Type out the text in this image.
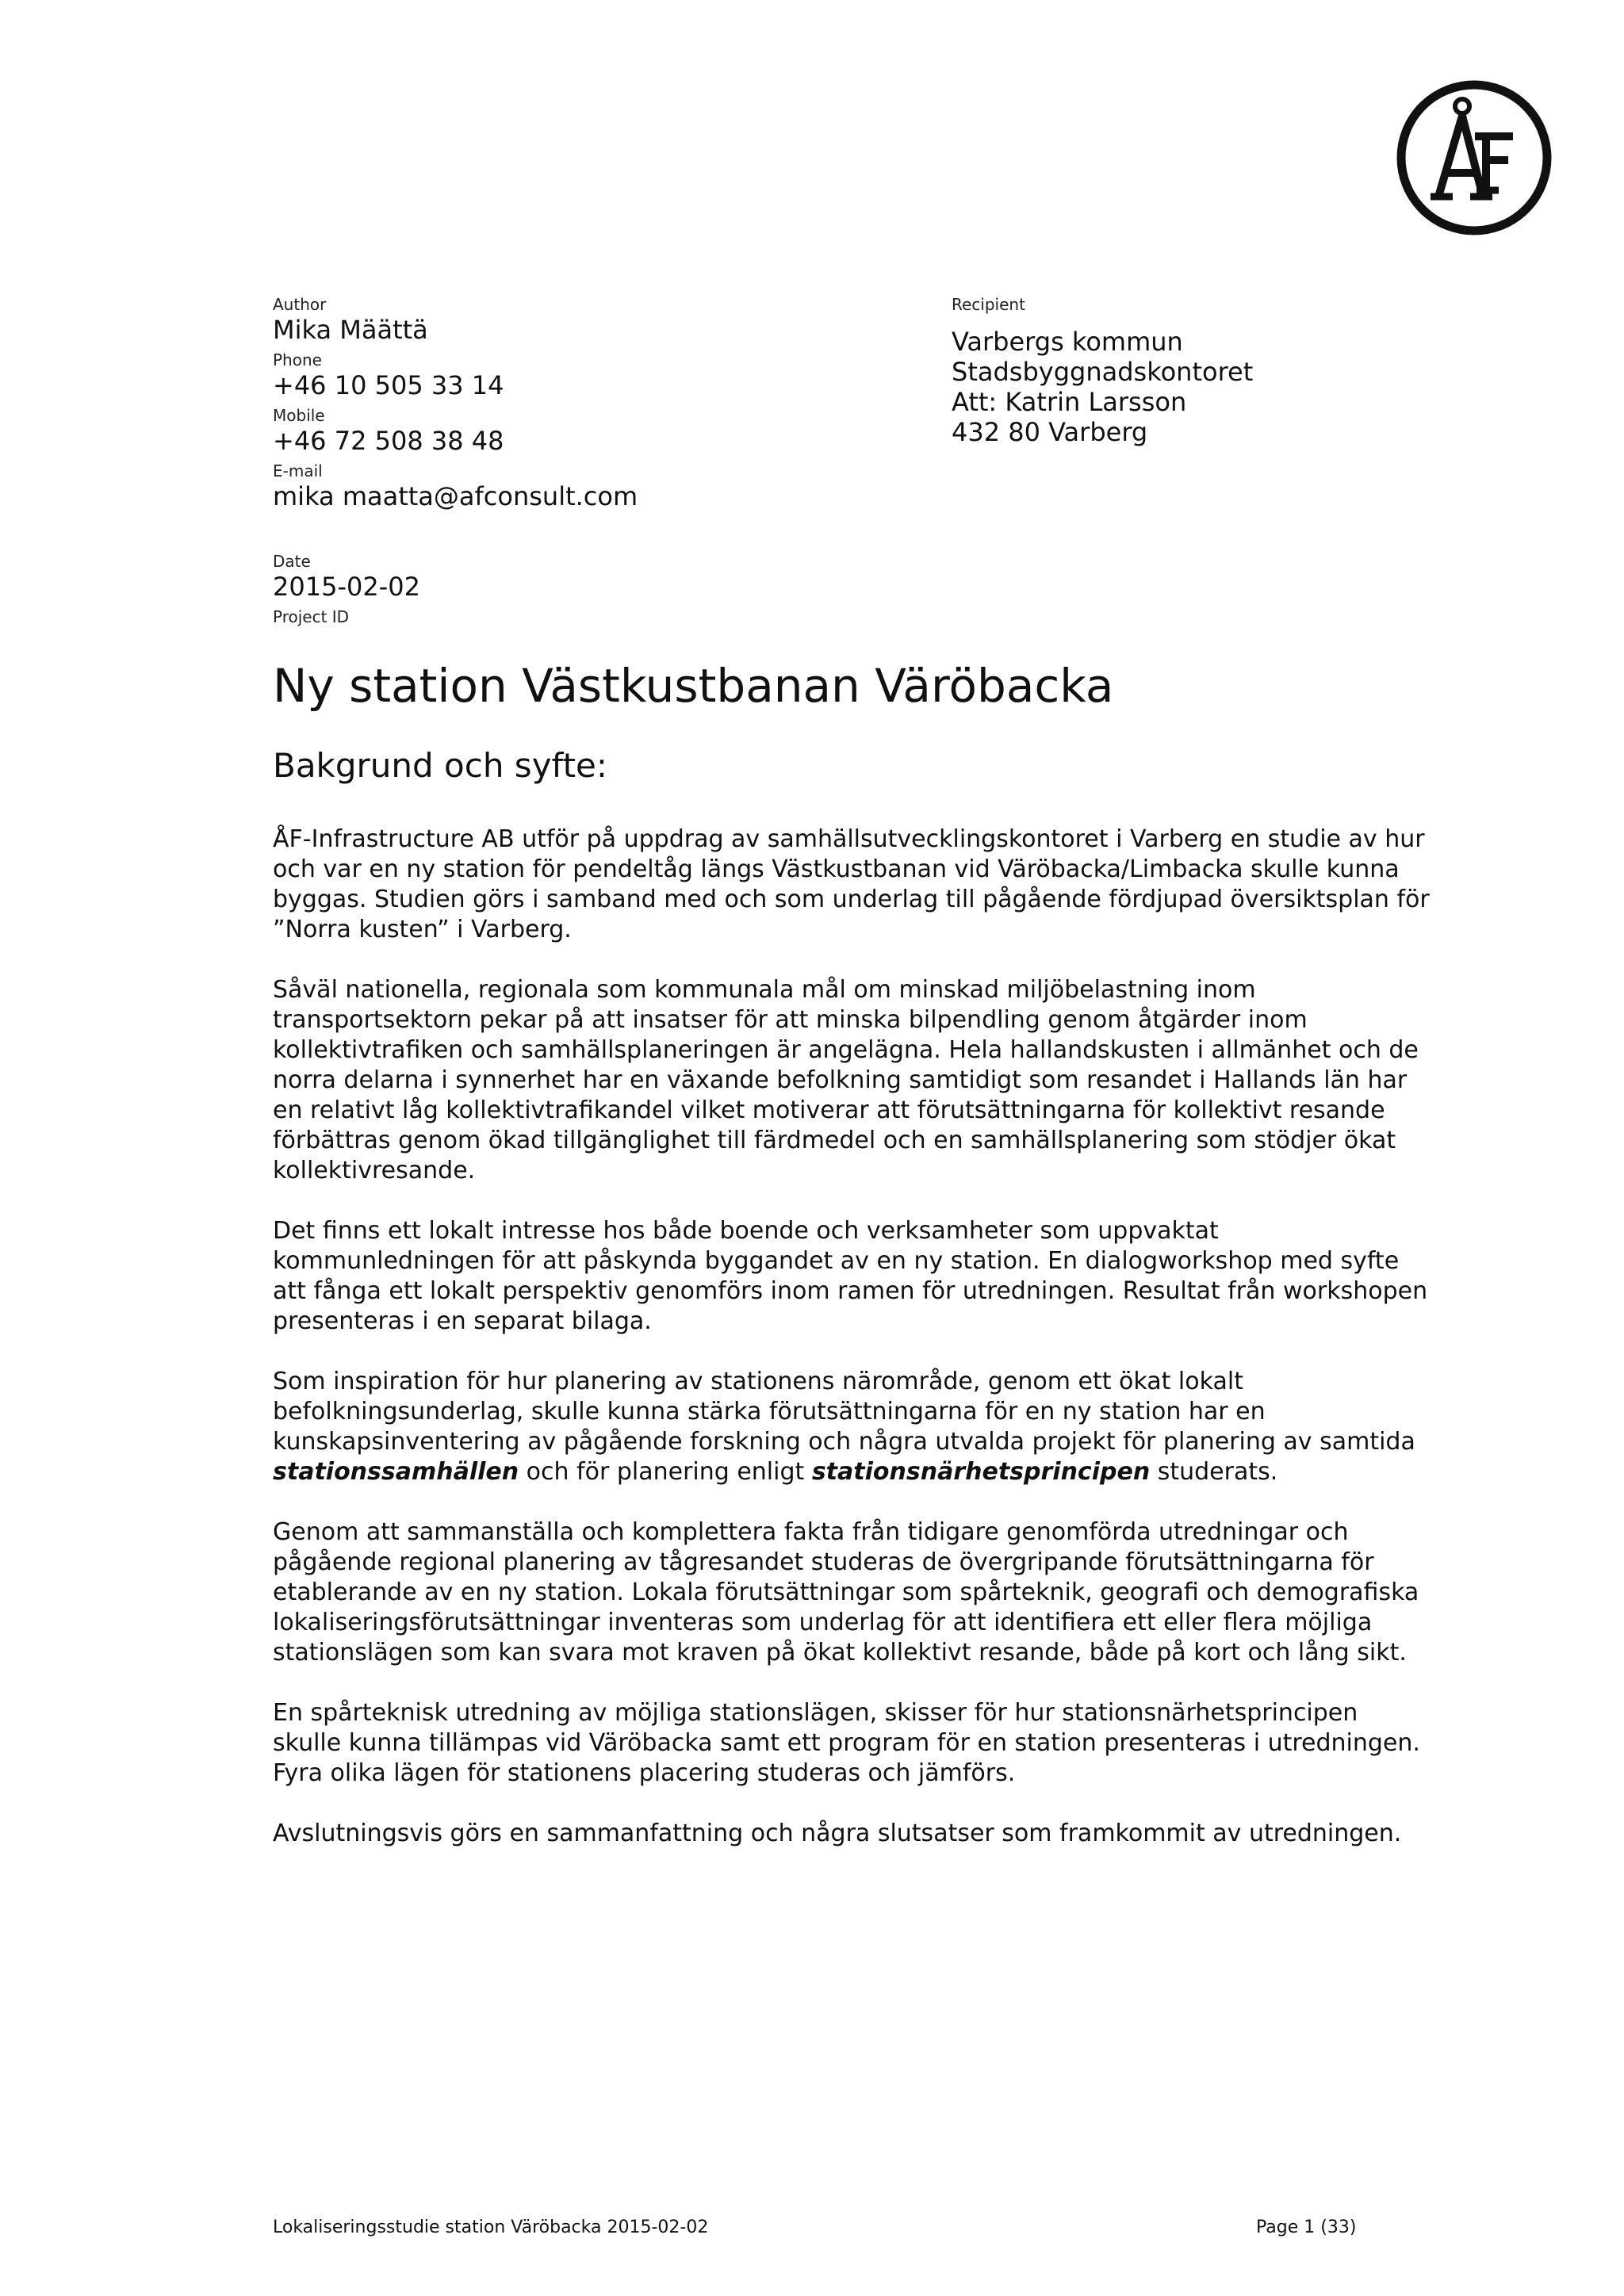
Author
Mika Määttä
Phone
+46 10 505 33 14
Mobile
+46 72 508 38 48
E-mail
mika maatta@afconsult.com
Recipient
Varbergs kommun
Stadsbyggnadskontoret
Att: Katrin Larsson
432 80 Varberg
Date
2015-02-02
Project ID
Ny station Västkustbanan Väröbacka
Bakgrund och syfte:

ÅF-Infrastructure AB utför på uppdrag av samhällsutvecklingskontoret i Varberg en studie av hur och var en ny station för pendeltåg längs Västkustbanan vid Väröbacka/Limbacka skulle kunna byggas. Studien görs i samband med och som underlag till pågående fördjupad översiktsplan för ”Norra kusten” i Varberg.

Såväl nationella, regionala som kommunala mål om minskad miljöbelastning inom transportsektorn pekar på att insatser för att minska bilpendling genom åtgärder inom kollektivtrafiken och samhällsplaneringen är angelägna. Hela hallandskusten i allmänhet och de norra delarna i synnerhet har en växande befolkning samtidigt som resandet i Hallands län har en relativt låg kollektivtrafikandel vilket motiverar att förutsättningarna för kollektivt resande förbättras genom ökad tillgänglighet till färdmedel och en samhällsplanering som stödjer ökat kollektivresande.

Det finns ett lokalt intresse hos både boende och verksamheter som uppvaktat kommunledningen för att påskynda byggandet av en ny station. En dialogworkshop med syfte att fånga ett lokalt perspektiv genomförs inom ramen för utredningen. Resultat från workshopen presenteras i en separat bilaga.

Som inspiration för hur planering av stationens närområde, genom ett ökat lokalt befolkningsunderlag, skulle kunna stärka förutsättningarna för en ny station har en kunskapsinventering av pågående forskning och några utvalda projekt för planering av samtida stationssamhällen och för planering enligt stationsnärhetsprincipen studerats.

Genom att sammanställa och komplettera fakta från tidigare genomförda utredningar och pågående regional planering av tågresandet studeras de övergripande förutsättningarna för etablerande av en ny station. Lokala förutsättningar som spårteknik, geografi och demografiska lokaliseringsförutsättningar inventeras som underlag för att identifiera ett eller flera möjliga stationslägen som kan svara mot kraven på ökat kollektivt resande, både på kort och lång sikt.

En spårteknisk utredning av möjliga stationslägen, skisser för hur stationsnärhetsprincipen skulle kunna tillämpas vid Väröbacka samt ett program för en station presenteras i utredningen. Fyra olika lägen för stationens placering studeras och jämförs.

Avslutningsvis görs en sammanfattning och några slutsatser som framkommit av utredningen.

Lokaliseringsstudie station Väröbacka 2015-02-02	Page 1 (33)
